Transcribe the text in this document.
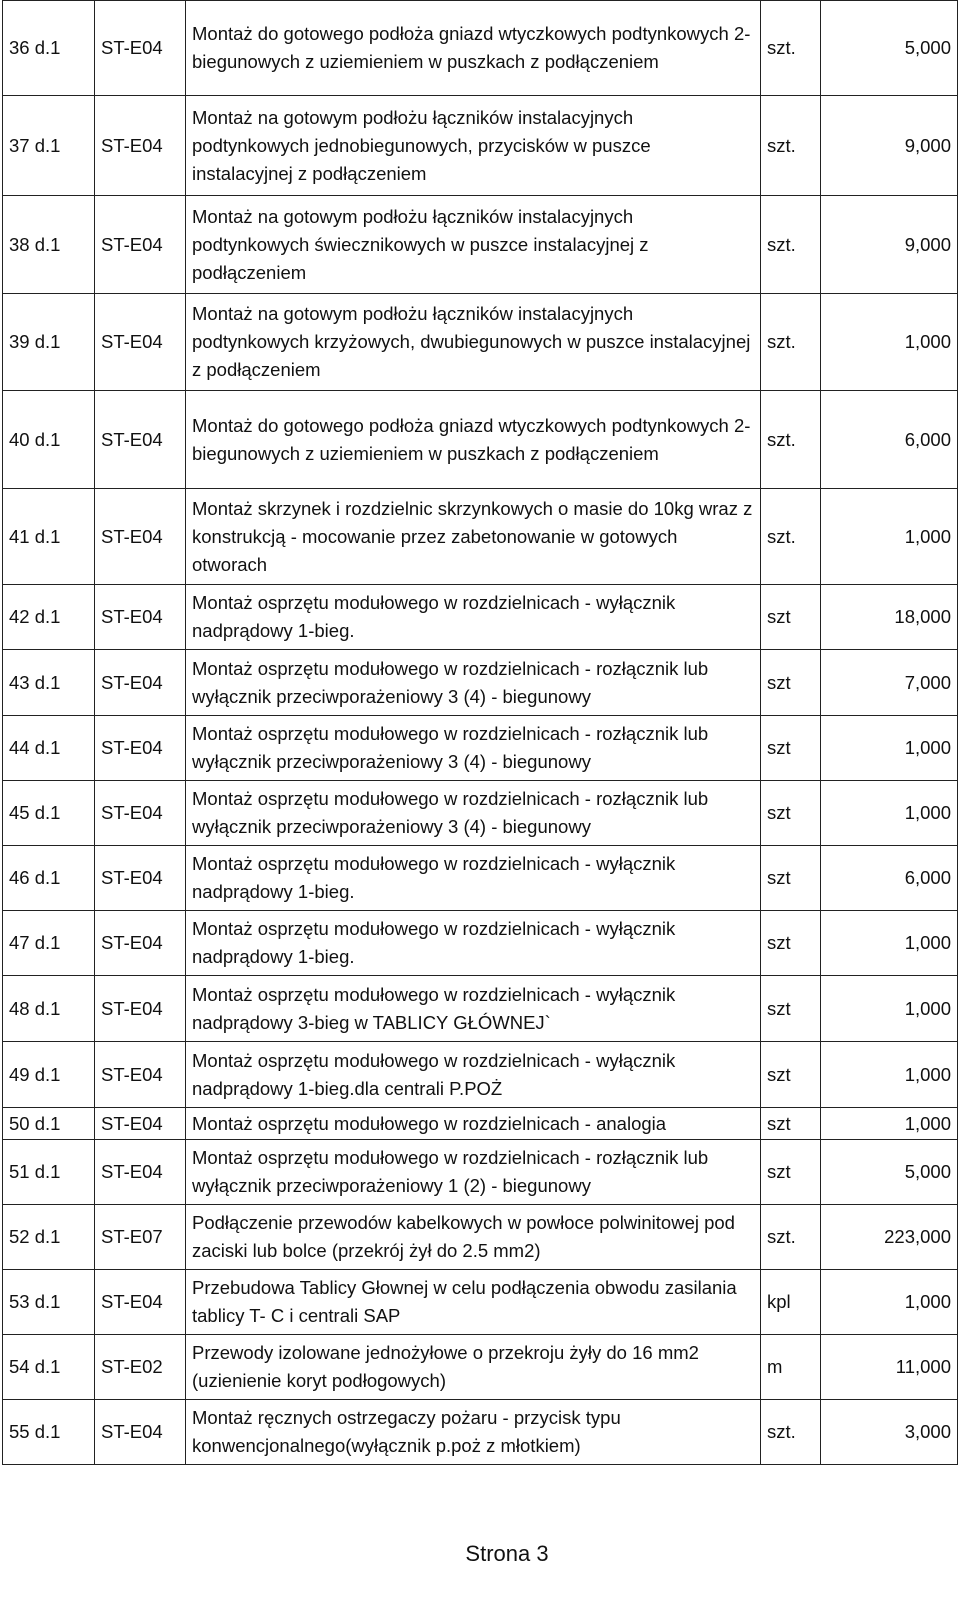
36 d.1	ST-E04	Montaż do gotowego podłoża gniazd wtyczkowych podtynkowych 2-biegunowych z uziemieniem w puszkach z podłączeniem	szt.	5,000
37 d.1	ST-E04	Montaż na gotowym podłożu łączników instalacyjnych podtynkowych jednobiegunowych, przycisków w puszce instalacyjnej z podłączeniem	szt.	9,000
38 d.1	ST-E04	Montaż na gotowym podłożu łączników instalacyjnych podtynkowych świecznikowych w puszce instalacyjnej z podłączeniem	szt.	9,000
39 d.1	ST-E04	Montaż na gotowym podłożu łączników instalacyjnych podtynkowych krzyżowych, dwubiegunowych w puszce instalacyjnej z podłączeniem	szt.	1,000
40 d.1	ST-E04	Montaż do gotowego podłoża gniazd wtyczkowych podtynkowych 2-biegunowych z uziemieniem w puszkach z podłączeniem	szt.	6,000
41 d.1	ST-E04	Montaż skrzynek i rozdzielnic skrzynkowych o masie do 10kg wraz z konstrukcją - mocowanie przez zabetonowanie w gotowych otworach	szt.	1,000
42 d.1	ST-E04	Montaż osprzętu modułowego w rozdzielnicach - wyłącznik nadprądowy 1-bieg.	szt	18,000
43 d.1	ST-E04	Montaż osprzętu modułowego w rozdzielnicach - rozłącznik lub wyłącznik przeciwporażeniowy 3 (4) - biegunowy	szt	7,000
44 d.1	ST-E04	Montaż osprzętu modułowego w rozdzielnicach - rozłącznik lub wyłącznik przeciwporażeniowy 3 (4) - biegunowy	szt	1,000
45 d.1	ST-E04	Montaż osprzętu modułowego w rozdzielnicach - rozłącznik lub wyłącznik przeciwporażeniowy 3 (4) - biegunowy	szt	1,000
46 d.1	ST-E04	Montaż osprzętu modułowego w rozdzielnicach - wyłącznik nadprądowy 1-bieg.	szt	6,000
47 d.1	ST-E04	Montaż osprzętu modułowego w rozdzielnicach - wyłącznik nadprądowy 1-bieg.	szt	1,000
48 d.1	ST-E04	Montaż osprzętu modułowego w rozdzielnicach - wyłącznik nadprądowy 3-bieg w TABLICY GŁÓWNEJ`	szt	1,000
49 d.1	ST-E04	Montaż osprzętu modułowego w rozdzielnicach - wyłącznik nadprądowy 1-bieg.dla centrali P.POŻ	szt	1,000
50 d.1	ST-E04	Montaż osprzętu modułowego w rozdzielnicach - analogia	szt	1,000
51 d.1	ST-E04	Montaż osprzętu modułowego w rozdzielnicach - rozłącznik lub wyłącznik przeciwporażeniowy 1 (2) - biegunowy	szt	5,000
52 d.1	ST-E07	Podłączenie przewodów kabelkowych w powłoce polwinitowej pod zaciski lub bolce (przekrój żył do 2.5 mm2)	szt.	223,000
53 d.1	ST-E04	Przebudowa Tablicy Głownej w celu podłączenia obwodu zasilania tablicy T- C i centrali SAP	kpl	1,000
54 d.1	ST-E02	Przewody izolowane jednożyłowe o przekroju żyły do 16 mm2 (uzienienie koryt podłogowych)	m	11,000
55 d.1	ST-E04	Montaż ręcznych ostrzegaczy pożaru - przycisk typu konwencjonalnego(wyłącznik p.poż z młotkiem)	szt.	3,000
Strona 3
